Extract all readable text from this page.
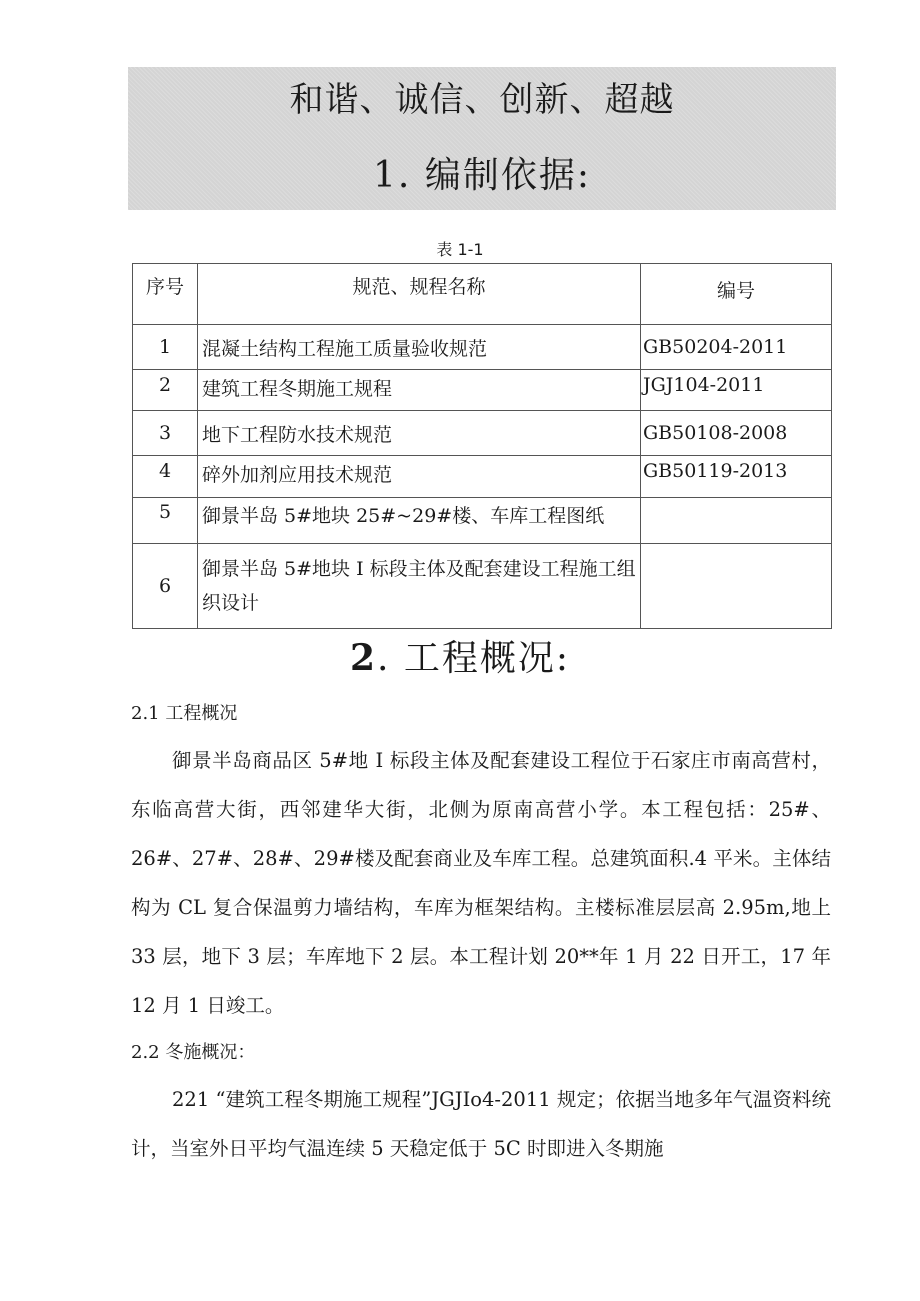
和谐、诚信、创新、超越
1. 编制依据:
表 1-1
序号	规范、规程名称	编号
1	混凝土结构工程施工质量验收规范	GB50204-2011
2	建筑工程冬期施工规程	JGJ104-2011
3	地下工程防水技术规范	GB50108-2008
4	碎外加剂应用技术规范	GB50119-2013
5	御景半岛 5#地块 25#~29#楼、车库工程图纸	
6	御景半岛 5#地块 I 标段主体及配套建设工程施工组织设计	
2. 工程概况:
2.1 工程概况
御景半岛商品区 5#地 I 标段主体及配套建设工程位于石家庄市南高营村，东临高营大街，西邻建华大街，北侧为原南高营小学。本工程包括：25#、26#、27#、28#、29#楼及配套商业及车库工程。总建筑面积.4 平米。主体结构为 CL 复合保温剪力墙结构，车库为框架结构。主楼标准层层高 2.95m,地上 33 层，地下 3 层；车库地下 2 层。本工程计划 20**年 1 月 22 日开工，17 年 12 月 1 日竣工。
2.2 冬施概况：
221 “建筑工程冬期施工规程”JGJIo4-2011 规定；依据当地多年气温资料统计，当室外日平均气温连续 5 天稳定低于 5C 时即进入冬期施
